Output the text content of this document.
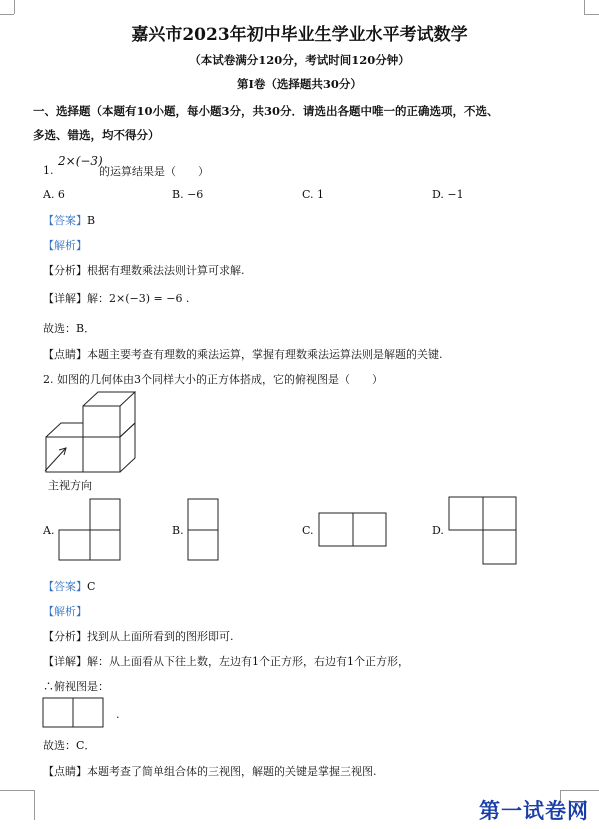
嘉兴市2023年初中毕业生学业水平考试数学
（本试卷满分120分，考试时间120分钟）
第Ⅰ卷（选择题共30分）
一、选择题（本题有10小题，每小题3分，共30分．请选出各题中唯一的正确选项，不选、
多选、错选，均不得分）
1.
2×(−3)
的运算结果是（　　）
A. 6	B. −6	C. 1	D. −1
【答案】B
【解析】
【分析】根据有理数乘法法则计算可求解.
【详解】解：2×(−3) = −6 .
故选：B．
【点睛】本题主要考查有理数的乘法运算，掌握有理数乘法运算法则是解题的关键.
2. 如图的几何体由3个同样大小的正方体搭成，它的俯视图是（　　）
主视方向
A.	B.	C.	D.
【答案】C
【解析】
【分析】找到从上面所看到的图形即可.
【详解】解：从上面看从下往上数，左边有1个正方形，右边有1个正方形，
∴俯视图是：
.
故选：C．
【点睛】本题考查了简单组合体的三视图，解题的关键是掌握三视图.
第一试卷网
